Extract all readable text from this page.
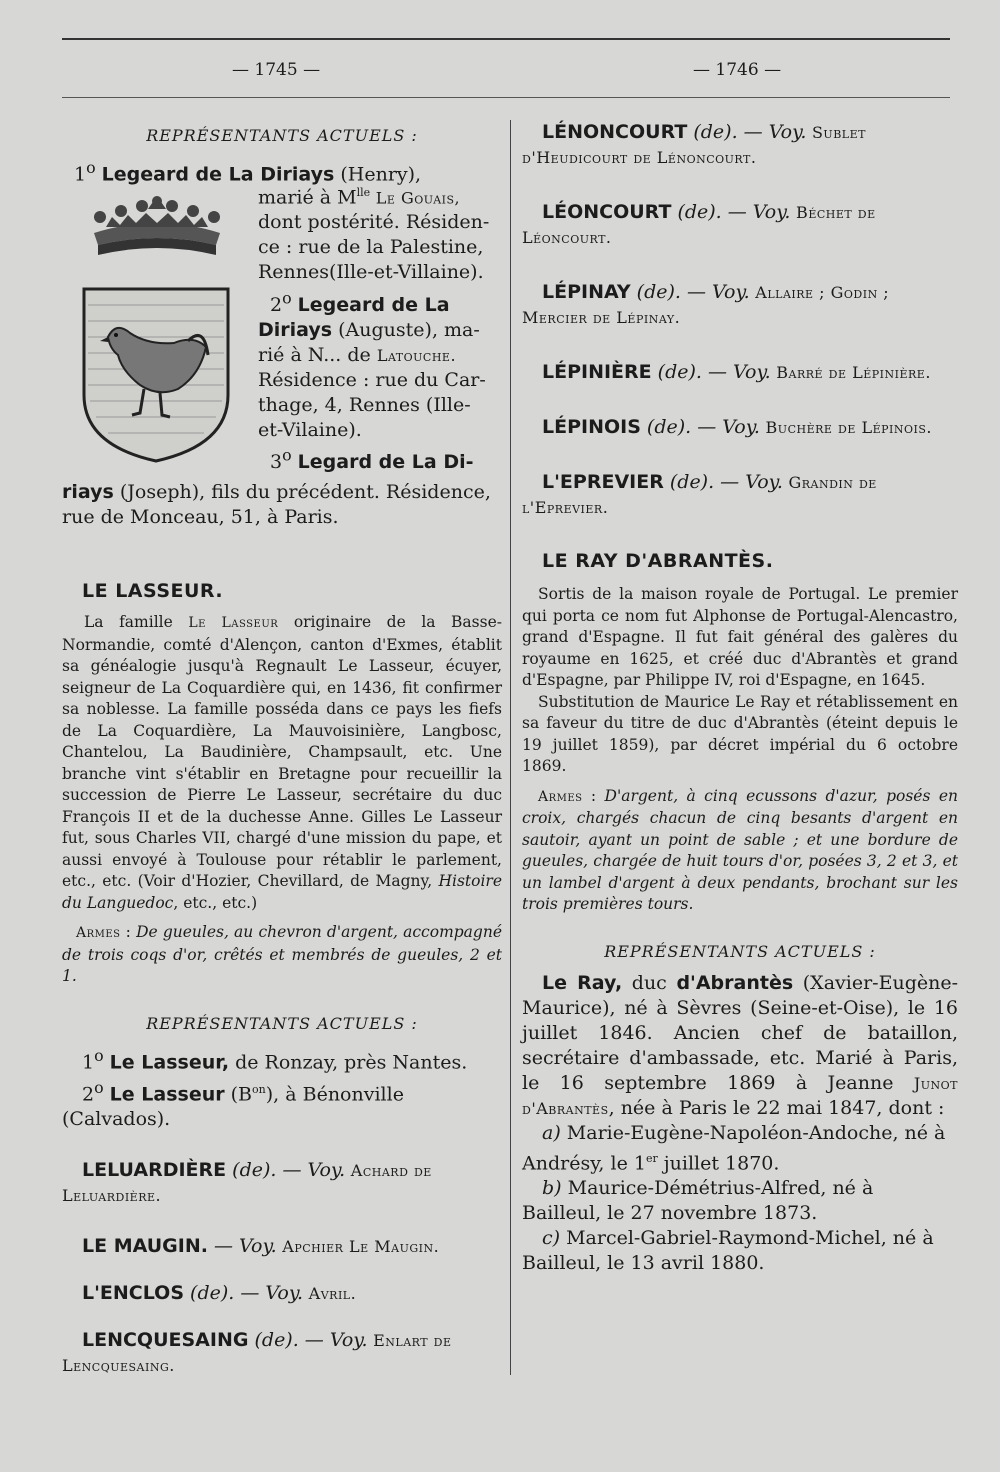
— 1745 —	— 1746 —

REPRÉSENTANTS ACTUELS :

1$^o$ Legeard de La Diriays (Henry),
marié à $M^{lle}$ Le Gouais,
dont postérité. Résiden-
ce : rue de la Palestine,
Rennes(Ille-et-Villaine).
2$^o$ Legeard de La
Diriays (Auguste), ma-
rié à N... de Latouche.
Résidence : rue du Car-
thage, 4, Rennes (Ille-
et-Vilaine).
3$^o$ Legard de La Di-
riays (Joseph), fils du précédent. Résidence,
rue de Monceau, 51, à Paris.

LE LASSEUR.

La famille Le Lasseur originaire de la Basse-Normandie, comté d'Alençon, canton d'Exmes, établit sa généalogie jusqu'à Regnault Le Lasseur, écuyer, seigneur de La Coquardière qui, en 1436, fit confirmer sa noblesse. La famille posséda dans ce pays les fiefs de La Coquardière, La Mauvoisinière, Langbosc, Chantelou, La Baudinière, Champsault, etc. Une branche vint s'établir en Bretagne pour recueillir la succession de Pierre Le Lasseur, secrétaire du duc François II et de la duchesse Anne. Gilles Le Lasseur fut, sous Charles VII, chargé d'une mission du pape, et aussi envoyé à Toulouse pour rétablir le parlement, etc., etc. (Voir d'Hozier, Chevillard, de Magny, Histoire du Languedoc, etc., etc.)

Armes : De gueules, au chevron d'argent, accompagné de trois coqs d'or, crêtés et membrés de gueules, 2 et 1.

REPRÉSENTANTS ACTUELS :

1$^o$ Le Lasseur, de Ronzay, près Nantes.

2$^o$ Le Lasseur $(B^{on})$, à Bénonville (Calvados).

LELUARDIÈRE (de). — Voy. Achard de Leluardière.

LE MAUGIN. — Voy. Apchier Le Maugin.

L'ENCLOS (de). — Voy. Avril.

LENCQUESAING (de). — Voy. Enlart de Lencquesaing.

LÉNONCOURT (de). — Voy. Sublet d'Heudicourt de Lénoncourt.

LÉONCOURT (de). — Voy. Béchet de Léoncourt.

LÉPINAY (de). — Voy. Allaire ; Godin ; Mercier de Lépinay.

LÉPINIÈRE (de). — Voy. Barré de Lépinière.

LÉPINOIS (de). — Voy. Buchère de Lépinois.

L'EPREVIER (de). — Voy. Grandin de l'Eprevier.

LE RAY D'ABRANTÈS.

Sortis de la maison royale de Portugal. Le premier qui porta ce nom fut Alphonse de Portugal-Alencastro, grand d'Espagne. Il fut fait général des galères du royaume en 1625, et créé duc d'Abrantès et grand d'Espagne, par Philippe IV, roi d'Espagne, en 1645.

Substitution de Maurice Le Ray et rétablissement en sa faveur du titre de duc d'Abrantès (éteint depuis le 19 juillet 1859), par décret impérial du 6 octobre 1869.

Armes : D'argent, à cinq ecussons d'azur, posés en croix, chargés chacun de cinq besants d'argent en sautoir, ayant un point de sable ; et une bordure de gueules, chargée de huit tours d'or, posées 3, 2 et 3, et un lambel d'argent à deux pendants, brochant sur les trois premières tours.

REPRÉSENTANTS ACTUELS :

Le Ray, duc d'Abrantès (Xavier-Eugène-Maurice), né à Sèvres (Seine-et-Oise), le 16 juillet 1846. Ancien chef de bataillon, secrétaire d'ambassade, etc. Marié à Paris, le 16 septembre 1869 à Jeanne Junot d'Abrantès, née à Paris le 22 mai 1847, dont :

a) Marie-Eugène-Napoléon-Andoche, né à Andrésy, le 1er juillet 1870.

b) Maurice-Démétrius-Alfred, né à Bailleul, le 27 novembre 1873.

c) Marcel-Gabriel-Raymond-Michel, né à Bailleul, le 13 avril 1880.
